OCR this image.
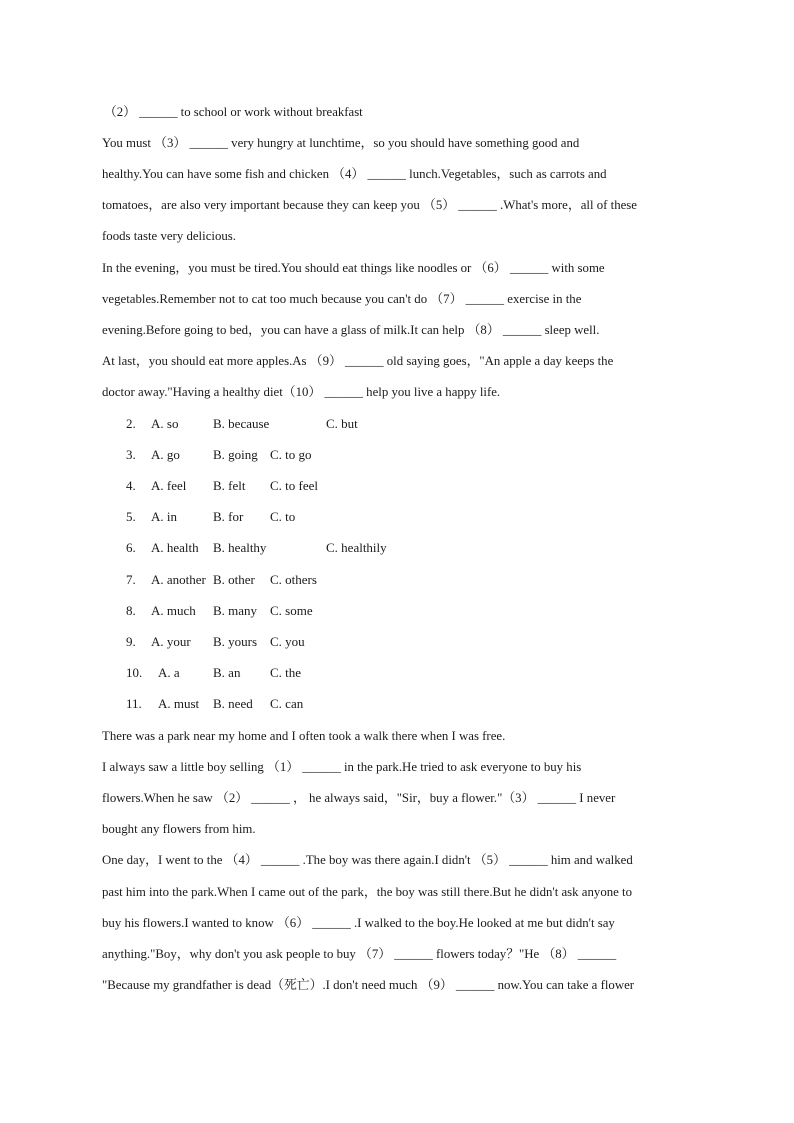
（2） ______ to school or work without breakfast
You must （3） ______ very hungry at lunchtime，so you should have something good and
healthy.You can have some fish and chicken （4） ______ lunch.Vegetables，such as carrots and
tomatoes，are also very important because they can keep you （5） ______ .What's more，all of these
foods taste very delicious.
In the evening，you must be tired.You should eat things like noodles or （6） ______ with some
vegetables.Remember not to cat too much because you can't do （7） ______ exercise in the
evening.Before going to bed，you can have a glass of milk.It can help （8） ______ sleep well.
At last，you should eat more apples.As （9） ______ old saying goes，"An apple a day keeps the
doctor away."Having a healthy diet（10） ______ help you live a happy life.
2. A. so	B. because	C. but
3. A. go	B. going C. to go
4. A. feel B. felt C. to feel
5. A. in	B. for C. to
6. A. health B. healthy	C. healthily
7. A. another B. other C. others
8. A. much B. many C. some
9. A. your B. yours C. you
10. A. a	B. an C. the
11. A. must B. need C. can
There was a park near my home and I often took a walk there when I was free.
I always saw a little boy selling （1） ______ in the park.He tried to ask everyone to buy his
flowers.When he saw （2） ______ ， he always said，"Sir，buy a flower."（3） ______ I never
bought any flowers from him.
One day，I went to the （4） ______ .The boy was there again.I didn't （5） ______ him and walked
past him into the park.When I came out of the park，the boy was still there.But he didn't ask anyone to
buy his flowers.I wanted to know （6） ______ .I walked to the boy.He looked at me but didn't say
anything."Boy，why don't you ask people to buy （7） ______ flowers today？"He （8） ______
"Because my grandfather is dead（死亡）.I don't need much （9） ______ now.You can take a flower
